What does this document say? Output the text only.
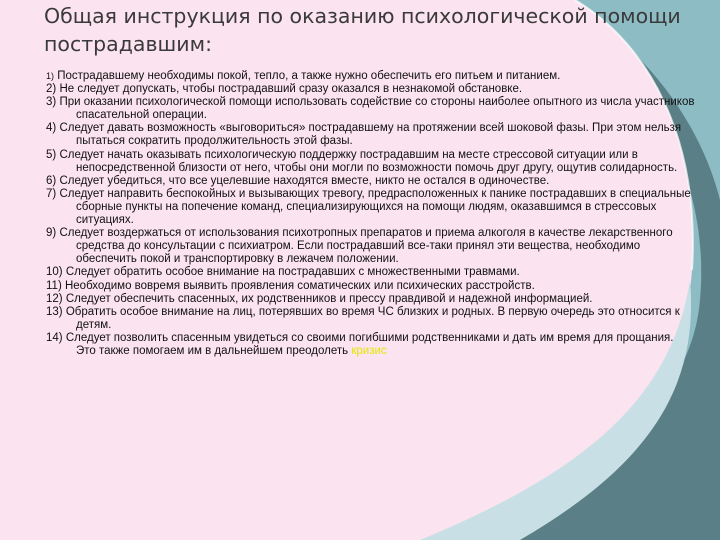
Общая инструкция по оказанию психологической помощи пострадавшим:
1) Пострадавшему необходимы покой, тепло, а также нужно обеспечить его питьем и питанием.
2) Не следует допускать, чтобы пострадавший сразу оказался в незнакомой обстановке.
3) При оказании психологической помощи использовать содействие со стороны наиболее опытного из числа участников спасательной операции.
4) Следует давать возможность «выговориться» пострадавшему на протяжении всей шоковой фазы. При этом нельзя пытаться сократить продолжительность этой фазы.
5) Следует начать оказывать психологическую поддержку пострадавшим на месте стрессовой ситуации или в непосредственной близости от него, чтобы они могли по возможности помочь друг другу, ощутив солидарность.
6) Следует убедиться, что все уцелевшие находятся вместе, никто не остался в одиночестве.
7) Следует направить беспокойных и вызывающих тревогу, предрасположенных к панике пострадавших в специальные сборные пункты на попечение команд, специализирующихся на помощи людям, оказавшимся в стрессовых ситуациях.
9) Следует воздержаться от использования психотропных препаратов и приема алкоголя в качестве лекарственного средства до консультации с психиатром. Если пострадавший все-таки принял эти вещества, необходимо обеспечить покой и транспортировку в лежачем положении.
10) Следует обратить особое внимание на пострадавших с множественными травмами.
11) Необходимо вовремя выявить проявления соматических или психических расстройств.
12) Следует обеспечить спасенных, их родственников и прессу правдивой и надежной информацией.
13) Обратить особое внимание на лиц, потерявших во время ЧС близких и родных. В первую очередь это относится к детям.
14) Следует позволить спасенным увидеться со своими погибшими родственниками и дать им время для прощания. Это также помогаем им в дальнейшем преодолеть кризис
